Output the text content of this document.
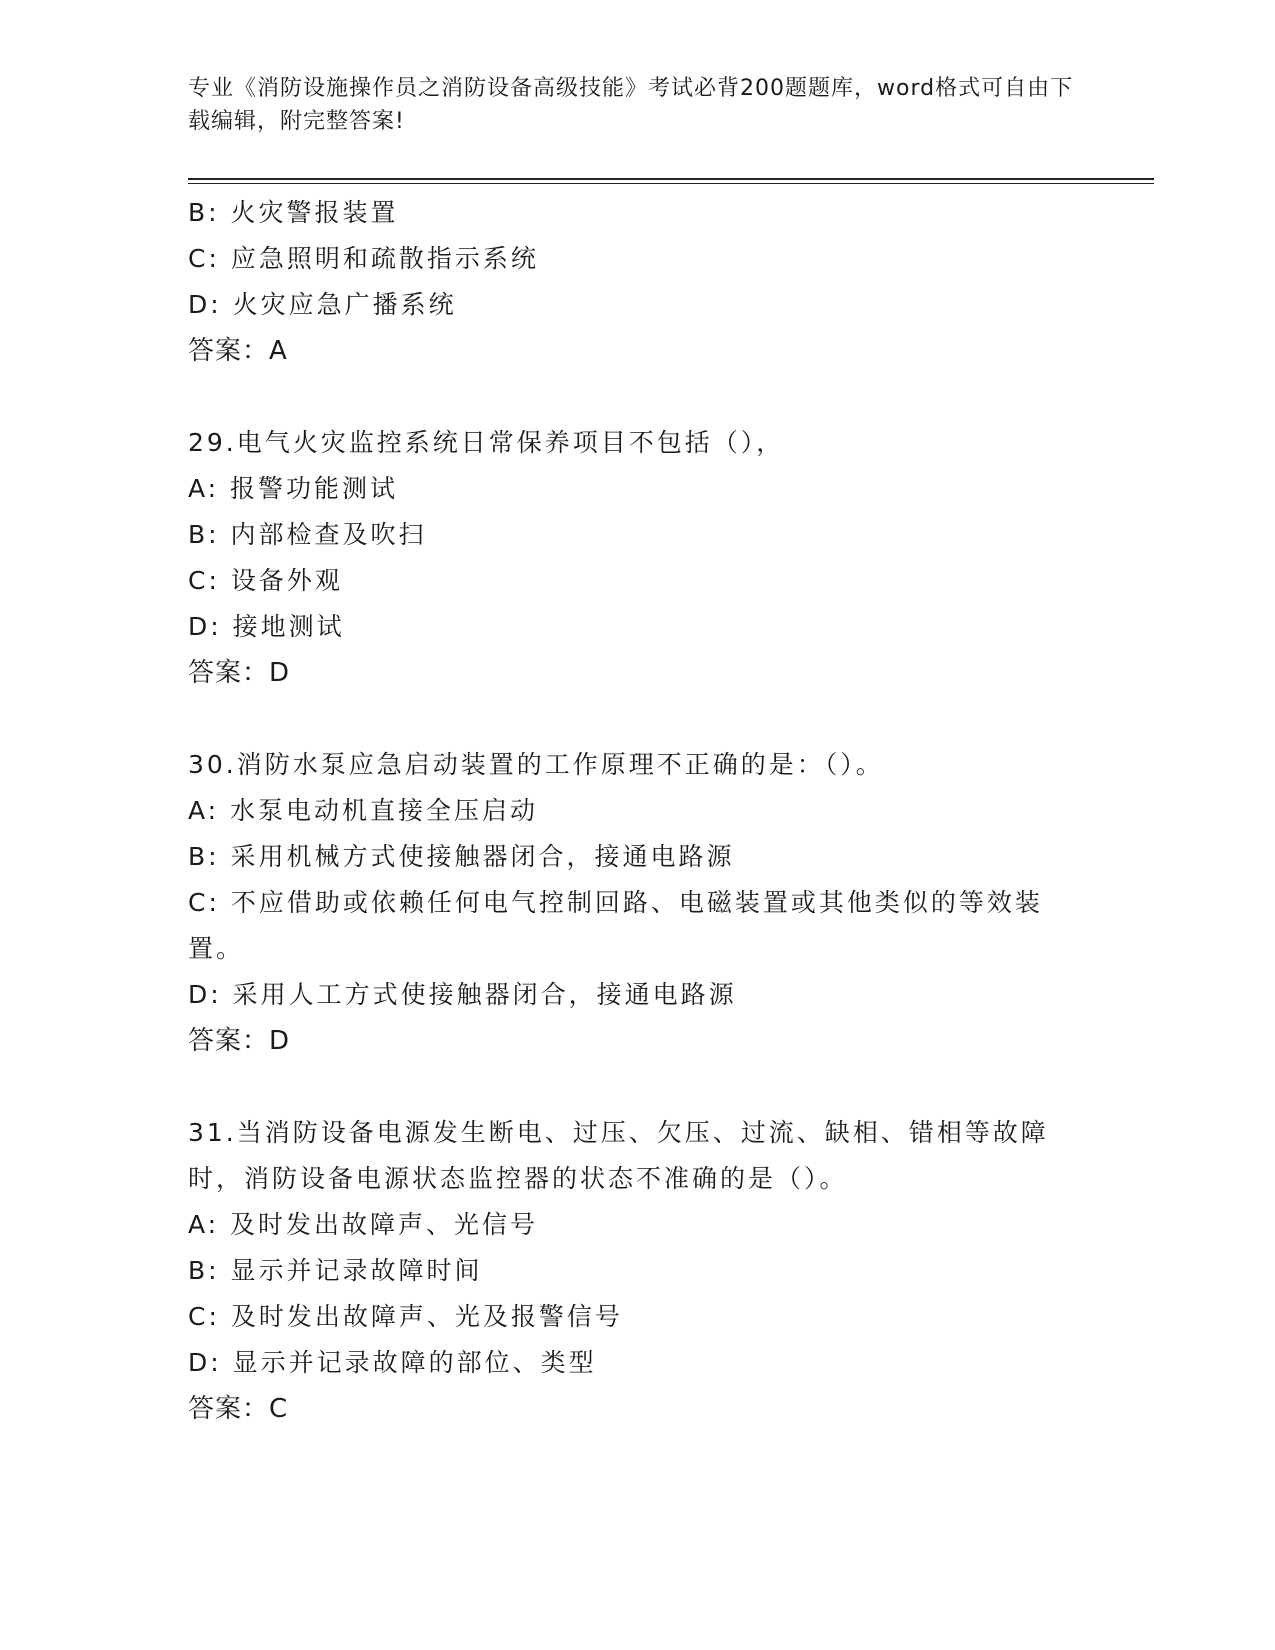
专业《消防设施操作员之消防设备高级技能》考试必背200题题库，word格式可自由下载编辑，附完整答案!
B: 火灾警报装置
C: 应急照明和疏散指示系统
D: 火灾应急广播系统
答案：A
29.电气火灾监控系统日常保养项目不包括（），
A: 报警功能测试
B: 内部检查及吹扫
C: 设备外观
D: 接地测试
答案：D
30.消防水泵应急启动装置的工作原理不正确的是：（）。
A: 水泵电动机直接全压启动
B: 采用机械方式使接触器闭合，接通电路源
C: 不应借助或依赖任何电气控制回路、电磁装置或其他类似的等效装置。
D: 采用人工方式使接触器闭合，接通电路源
答案：D
31.当消防设备电源发生断电、过压、欠压、过流、缺相、错相等故障时，消防设备电源状态监控器的状态不准确的是（）。
A: 及时发出故障声、光信号
B: 显示并记录故障时间
C: 及时发出故障声、光及报警信号
D: 显示并记录故障的部位、类型
答案：C
